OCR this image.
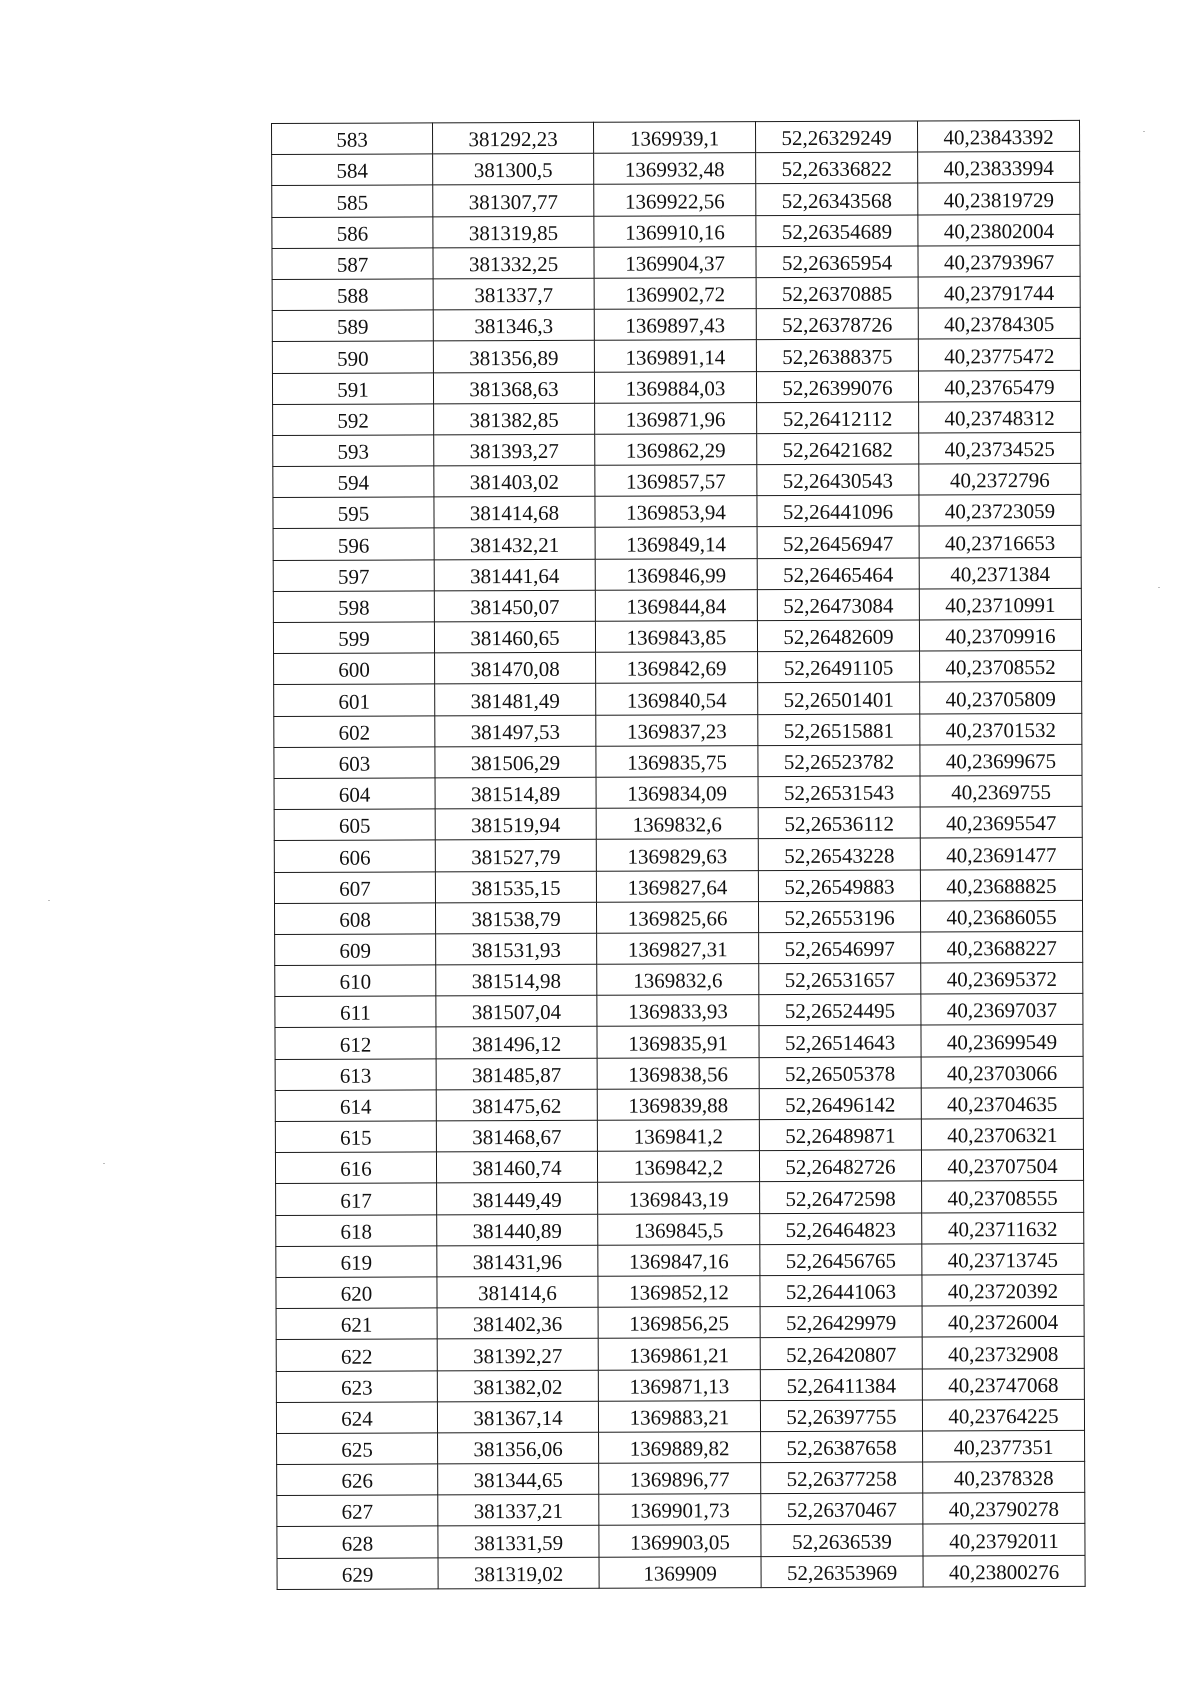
583	381292,23	1369939,1	52,26329249	40,23843392
584	381300,5	1369932,48	52,26336822	40,23833994
585	381307,77	1369922,56	52,26343568	40,23819729
586	381319,85	1369910,16	52,26354689	40,23802004
587	381332,25	1369904,37	52,26365954	40,23793967
588	381337,7	1369902,72	52,26370885	40,23791744
589	381346,3	1369897,43	52,26378726	40,23784305
590	381356,89	1369891,14	52,26388375	40,23775472
591	381368,63	1369884,03	52,26399076	40,23765479
592	381382,85	1369871,96	52,26412112	40,23748312
593	381393,27	1369862,29	52,26421682	40,23734525
594	381403,02	1369857,57	52,26430543	40,2372796
595	381414,68	1369853,94	52,26441096	40,23723059
596	381432,21	1369849,14	52,26456947	40,23716653
597	381441,64	1369846,99	52,26465464	40,2371384
598	381450,07	1369844,84	52,26473084	40,23710991
599	381460,65	1369843,85	52,26482609	40,23709916
600	381470,08	1369842,69	52,26491105	40,23708552
601	381481,49	1369840,54	52,26501401	40,23705809
602	381497,53	1369837,23	52,26515881	40,23701532
603	381506,29	1369835,75	52,26523782	40,23699675
604	381514,89	1369834,09	52,26531543	40,2369755
605	381519,94	1369832,6	52,26536112	40,23695547
606	381527,79	1369829,63	52,26543228	40,23691477
607	381535,15	1369827,64	52,26549883	40,23688825
608	381538,79	1369825,66	52,26553196	40,23686055
609	381531,93	1369827,31	52,26546997	40,23688227
610	381514,98	1369832,6	52,26531657	40,23695372
611	381507,04	1369833,93	52,26524495	40,23697037
612	381496,12	1369835,91	52,26514643	40,23699549
613	381485,87	1369838,56	52,26505378	40,23703066
614	381475,62	1369839,88	52,26496142	40,23704635
615	381468,67	1369841,2	52,26489871	40,23706321
616	381460,74	1369842,2	52,26482726	40,23707504
617	381449,49	1369843,19	52,26472598	40,23708555
618	381440,89	1369845,5	52,26464823	40,23711632
619	381431,96	1369847,16	52,26456765	40,23713745
620	381414,6	1369852,12	52,26441063	40,23720392
621	381402,36	1369856,25	52,26429979	40,23726004
622	381392,27	1369861,21	52,26420807	40,23732908
623	381382,02	1369871,13	52,26411384	40,23747068
624	381367,14	1369883,21	52,26397755	40,23764225
625	381356,06	1369889,82	52,26387658	40,2377351
626	381344,65	1369896,77	52,26377258	40,2378328
627	381337,21	1369901,73	52,26370467	40,23790278
628	381331,59	1369903,05	52,2636539	40,23792011
629	381319,02	1369909	52,26353969	40,23800276
